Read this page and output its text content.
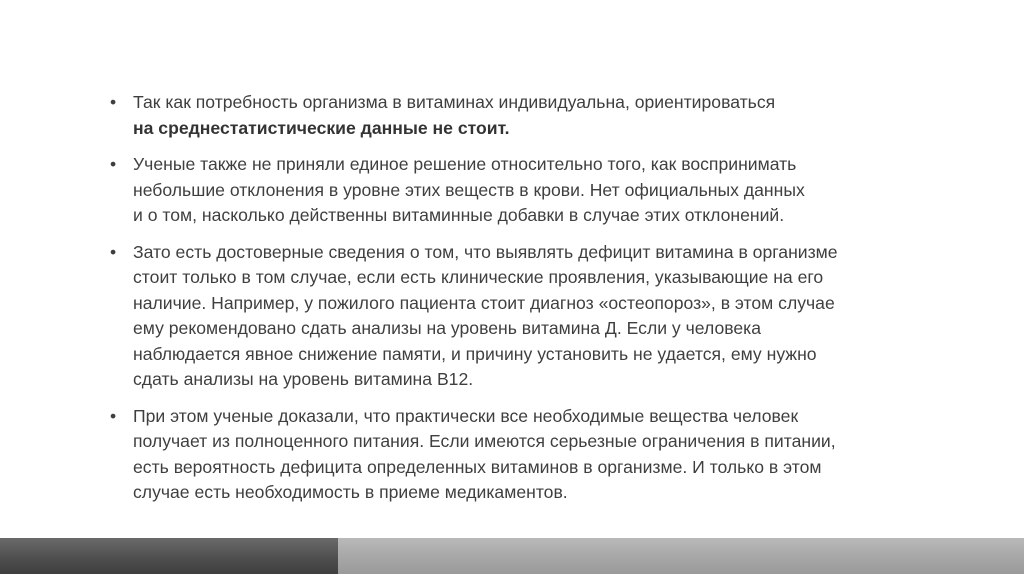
• Так как потребность организма в витаминах индивидуальна, ориентироваться
на среднестатистические данные не стоит.
• Ученые также не приняли единое решение относительно того, как воспринимать
небольшие отклонения в уровне этих веществ в крови. Нет официальных данных
и о том, насколько действенны витаминные добавки в случае этих отклонений.
• Зато есть достоверные сведения о том, что выявлять дефицит витамина в организме
стоит только в том случае, если есть клинические проявления, указывающие на его
наличие. Например, у пожилого пациента стоит диагноз «остеопороз», в этом случае
ему рекомендовано сдать анализы на уровень витамина Д. Если у человека
наблюдается явное снижение памяти, и причину установить не удается, ему нужно
сдать анализы на уровень витамина В12.
• При этом ученые доказали, что практически все необходимые вещества человек
получает из полноценного питания. Если имеются серьезные ограничения в питании,
есть вероятность дефицита определенных витаминов в организме. И только в этом
случае есть необходимость в приеме медикаментов.
